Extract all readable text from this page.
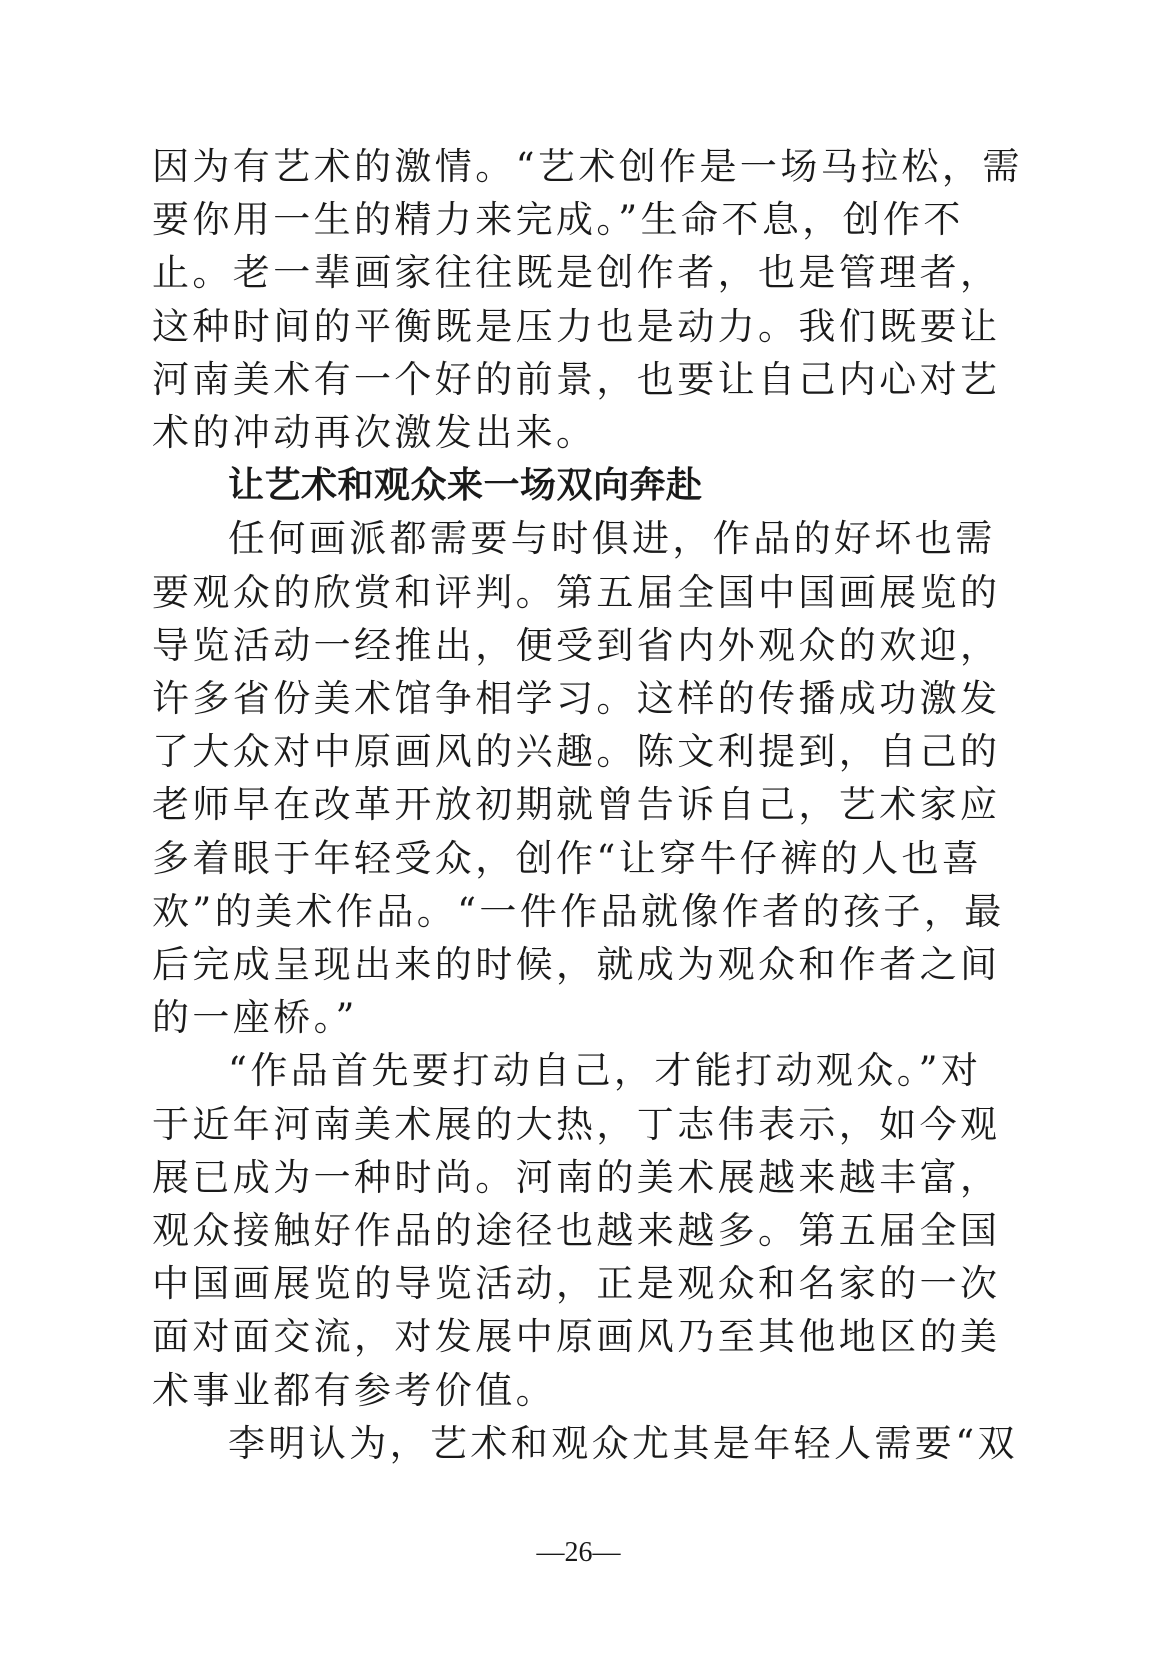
因为有艺术的激情。“艺术创作是一场马拉松，需
要你用一生的精力来完成。”生命不息，创作不
止。老一辈画家往往既是创作者，也是管理者，
这种时间的平衡既是压力也是动力。我们既要让
河南美术有一个好的前景，也要让自己内心对艺
术的冲动再次激发出来。
让艺术和观众来一场双向奔赴
任何画派都需要与时俱进，作品的好坏也需
要观众的欣赏和评判。第五届全国中国画展览的
导览活动一经推出，便受到省内外观众的欢迎，
许多省份美术馆争相学习。这样的传播成功激发
了大众对中原画风的兴趣。陈文利提到，自己的
老师早在改革开放初期就曾告诉自己，艺术家应
多着眼于年轻受众，创作“让穿牛仔裤的人也喜
欢”的美术作品。“一件作品就像作者的孩子，最
后完成呈现出来的时候，就成为观众和作者之间
的一座桥。”
“作品首先要打动自己，才能打动观众。”对
于近年河南美术展的大热，丁志伟表示，如今观
展已成为一种时尚。河南的美术展越来越丰富，
观众接触好作品的途径也越来越多。第五届全国
中国画展览的导览活动，正是观众和名家的一次
面对面交流，对发展中原画风乃至其他地区的美
术事业都有参考价值。
李明认为，艺术和观众尤其是年轻人需要“双
—26—
